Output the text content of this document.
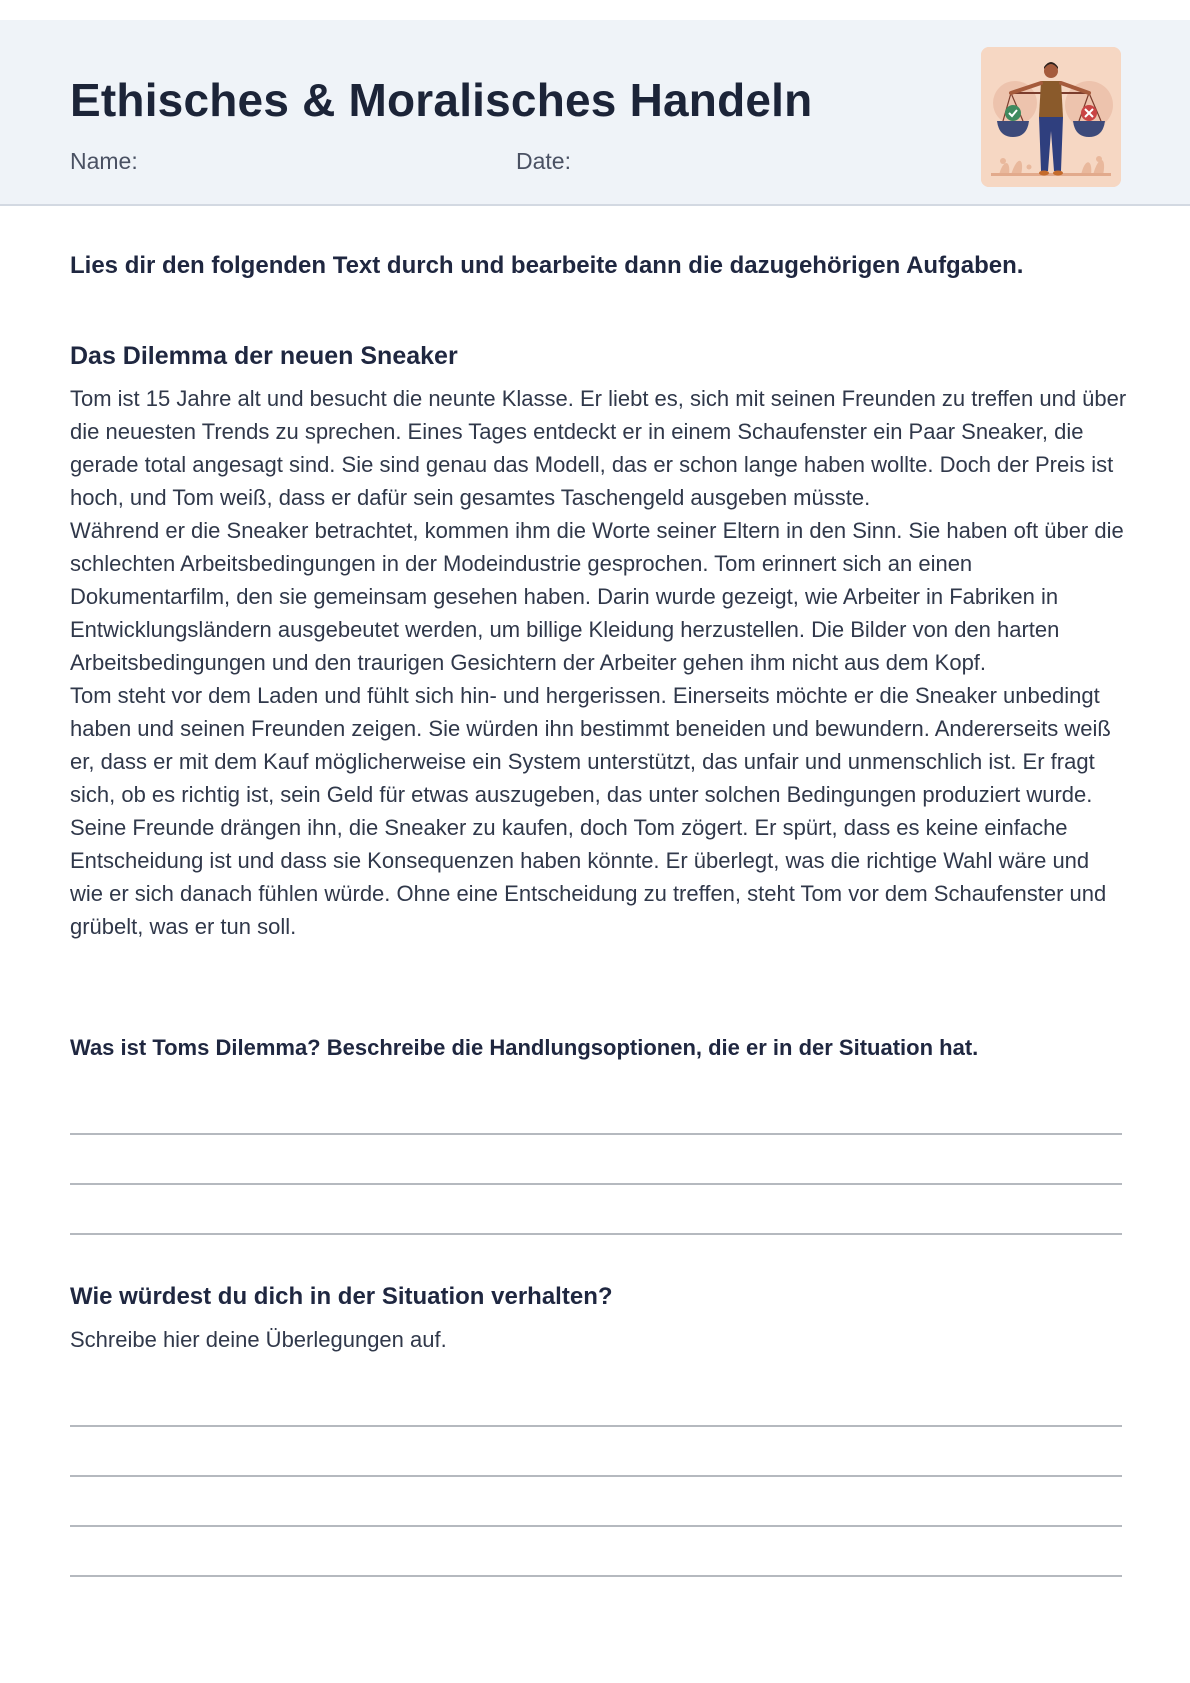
Ethisches & Moralisches Handeln
Name:	Date:
Lies dir den folgenden Text durch und bearbeite dann die dazugehörigen Aufgaben.
Das Dilemma der neuen Sneaker

Tom ist 15 Jahre alt und besucht die neunte Klasse. Er liebt es, sich mit seinen Freunden zu treffen und über die neuesten Trends zu sprechen. Eines Tages entdeckt er in einem Schaufenster ein Paar Sneaker, die gerade total angesagt sind. Sie sind genau das Modell, das er schon lange haben wollte. Doch der Preis ist hoch, und Tom weiß, dass er dafür sein gesamtes Taschengeld ausgeben müsste.

Während er die Sneaker betrachtet, kommen ihm die Worte seiner Eltern in den Sinn. Sie haben oft über die schlechten Arbeitsbedingungen in der Modeindustrie gesprochen. Tom erinnert sich an einen Dokumentarfilm, den sie gemeinsam gesehen haben. Darin wurde gezeigt, wie Arbeiter in Fabriken in Entwicklungsländern ausgebeutet werden, um billige Kleidung herzustellen. Die Bilder von den harten Arbeitsbedingungen und den traurigen Gesichtern der Arbeiter gehen ihm nicht aus dem Kopf.

Tom steht vor dem Laden und fühlt sich hin- und hergerissen. Einerseits möchte er die Sneaker unbedingt haben und seinen Freunden zeigen. Sie würden ihn bestimmt beneiden und bewundern. Andererseits weiß er, dass er mit dem Kauf möglicherweise ein System unterstützt, das unfair und unmenschlich ist. Er fragt sich, ob es richtig ist, sein Geld für etwas auszugeben, das unter solchen Bedingungen produziert wurde.

Seine Freunde drängen ihn, die Sneaker zu kaufen, doch Tom zögert. Er spürt, dass es keine einfache Entscheidung ist und dass sie Konsequenzen haben könnte. Er überlegt, was die richtige Wahl wäre und wie er sich danach fühlen würde. Ohne eine Entscheidung zu treffen, steht Tom vor dem Schaufenster und grübelt, was er tun soll.

Was ist Toms Dilemma? Beschreibe die Handlungsoptionen, die er in der Situation hat.
Wie würdest du dich in der Situation verhalten?

Schreibe hier deine Überlegungen auf.
